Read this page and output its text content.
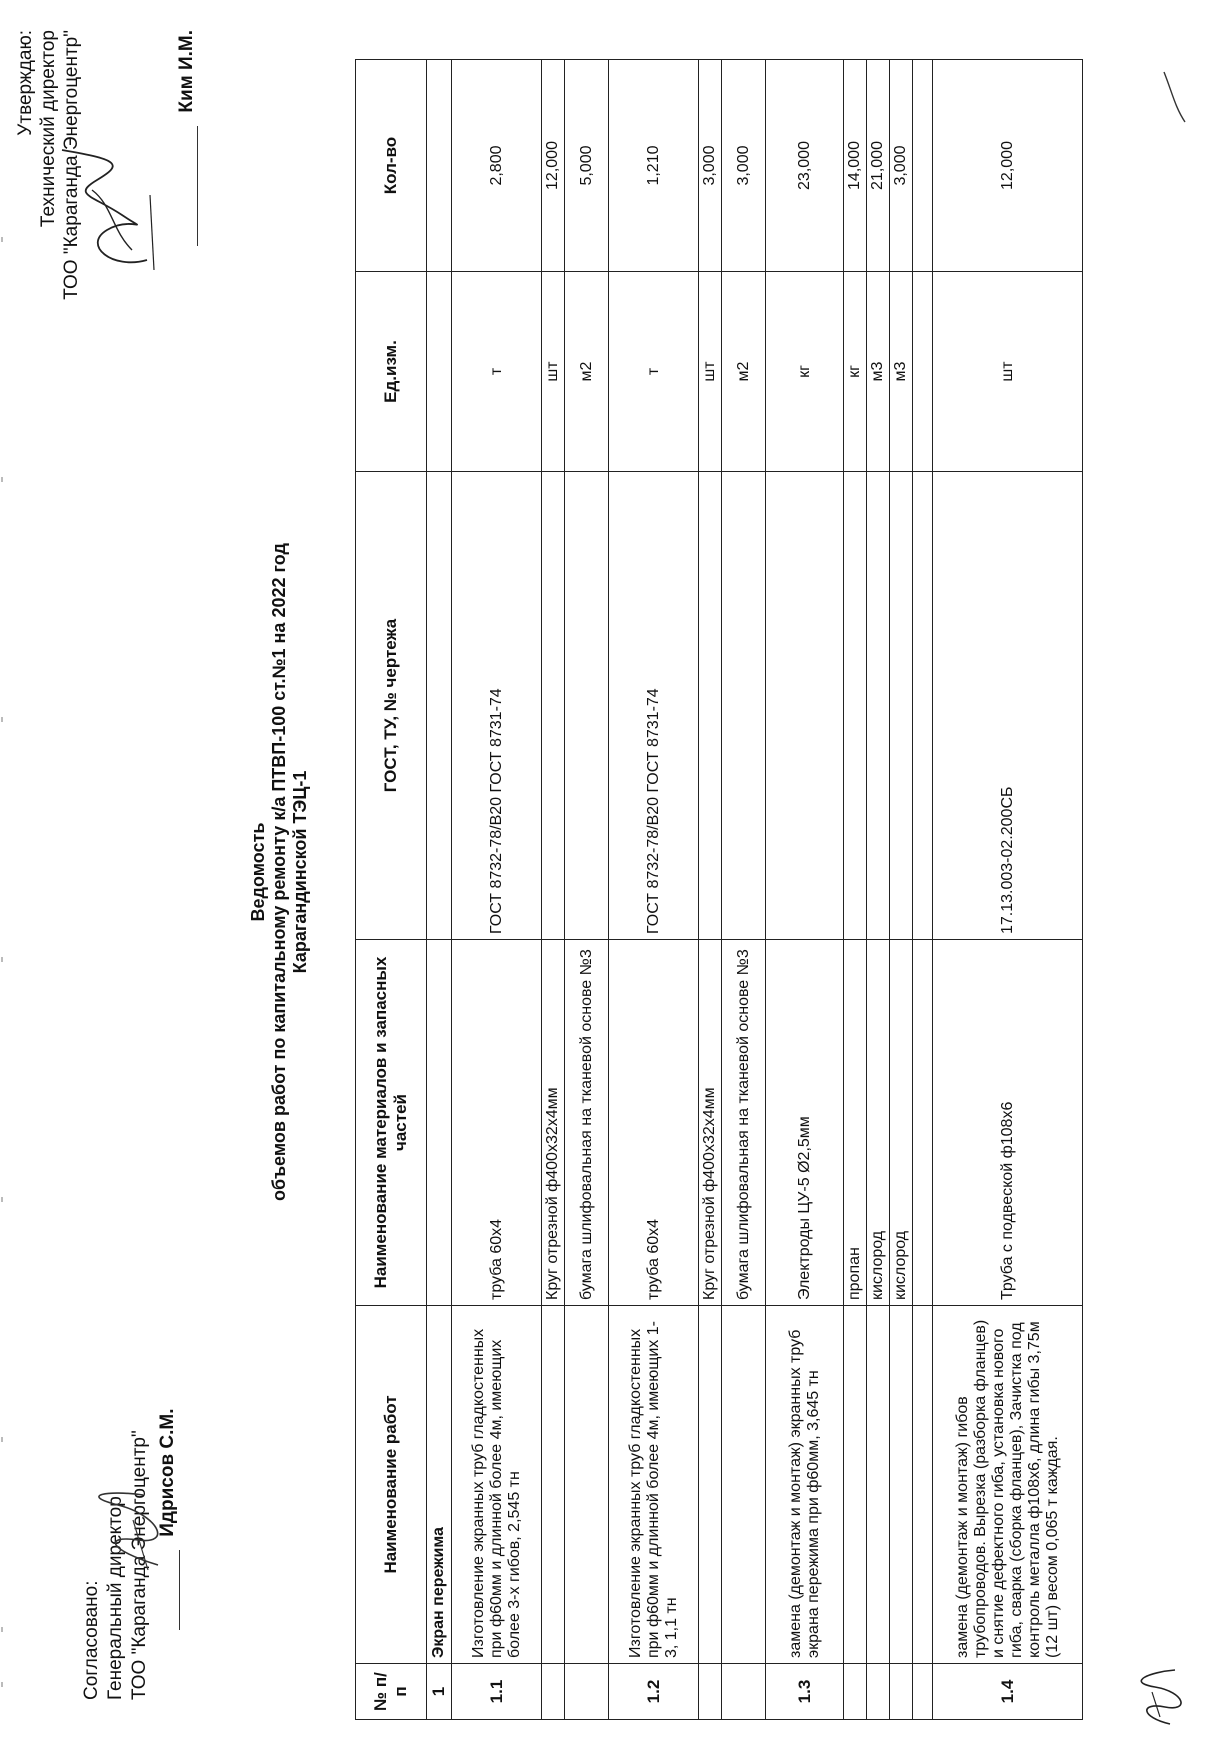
Согласовано: Генеральный директор ТОО "Караганда Энергоцентр" Идрисов С.М.
Утверждаю: Технический директор ТОО "Караганда Энергоцентр"	Ким И.М.
Ведомость объемов работ по капитальному ремонту к/а ПТВП-100 ст.№1 на 2022 год Карагандинской ТЭЦ-1
№ п/п	Наименование работ	Наименование материалов и запасных частей	ГОСТ, ТУ, № чертежа	Ед.изм.	Кол-во
1	Экран пережима				
1.1	Изготовление экранных труб гладкостенных при ф60мм и длинной более 4м, имеющих более 3-х гибов, 2,545 тн	труба 60х4	ГОСТ 8732-78/В20 ГОСТ 8731-74	т	2,800
		Круг отрезной ф400х32х4мм		шт	12,000
		бумага шлифовальная на тканевой основе №3		м2	5,000
1.2	Изготовление экранных труб гладкостенных при ф60мм и длинной более 4м, имеющих 1-3, 1,1 тн	труба 60х4	ГОСТ 8732-78/В20 ГОСТ 8731-74	т	1,210
		Круг отрезной ф400х32х4мм		шт	3,000
		бумага шлифовальная на тканевой основе №3		м2	3,000
1.3	замена (демонтаж и монтаж) экранных труб экрана пережима при ф60мм, 3,645 тн	Электроды ЦУ-5 Ø2,5мм		кг	23,000
		пропан		кг	14,000
		кислород		м3	21,000
		кислород		м3	3,000

1.4	замена (демонтаж и монтаж) гибов трубопроводов. Вырезка (разборка фланцев) и снятие дефектного гиба, установка нового гиба, сварка (сборка фланцев), Зачистка под контроль металла ф108х6, длина гибы 3,75м (12 шт) весом 0,065 т каждая.	Труба с подвеской ф108х6	17.13.003-02.200СБ	шт	12,000
